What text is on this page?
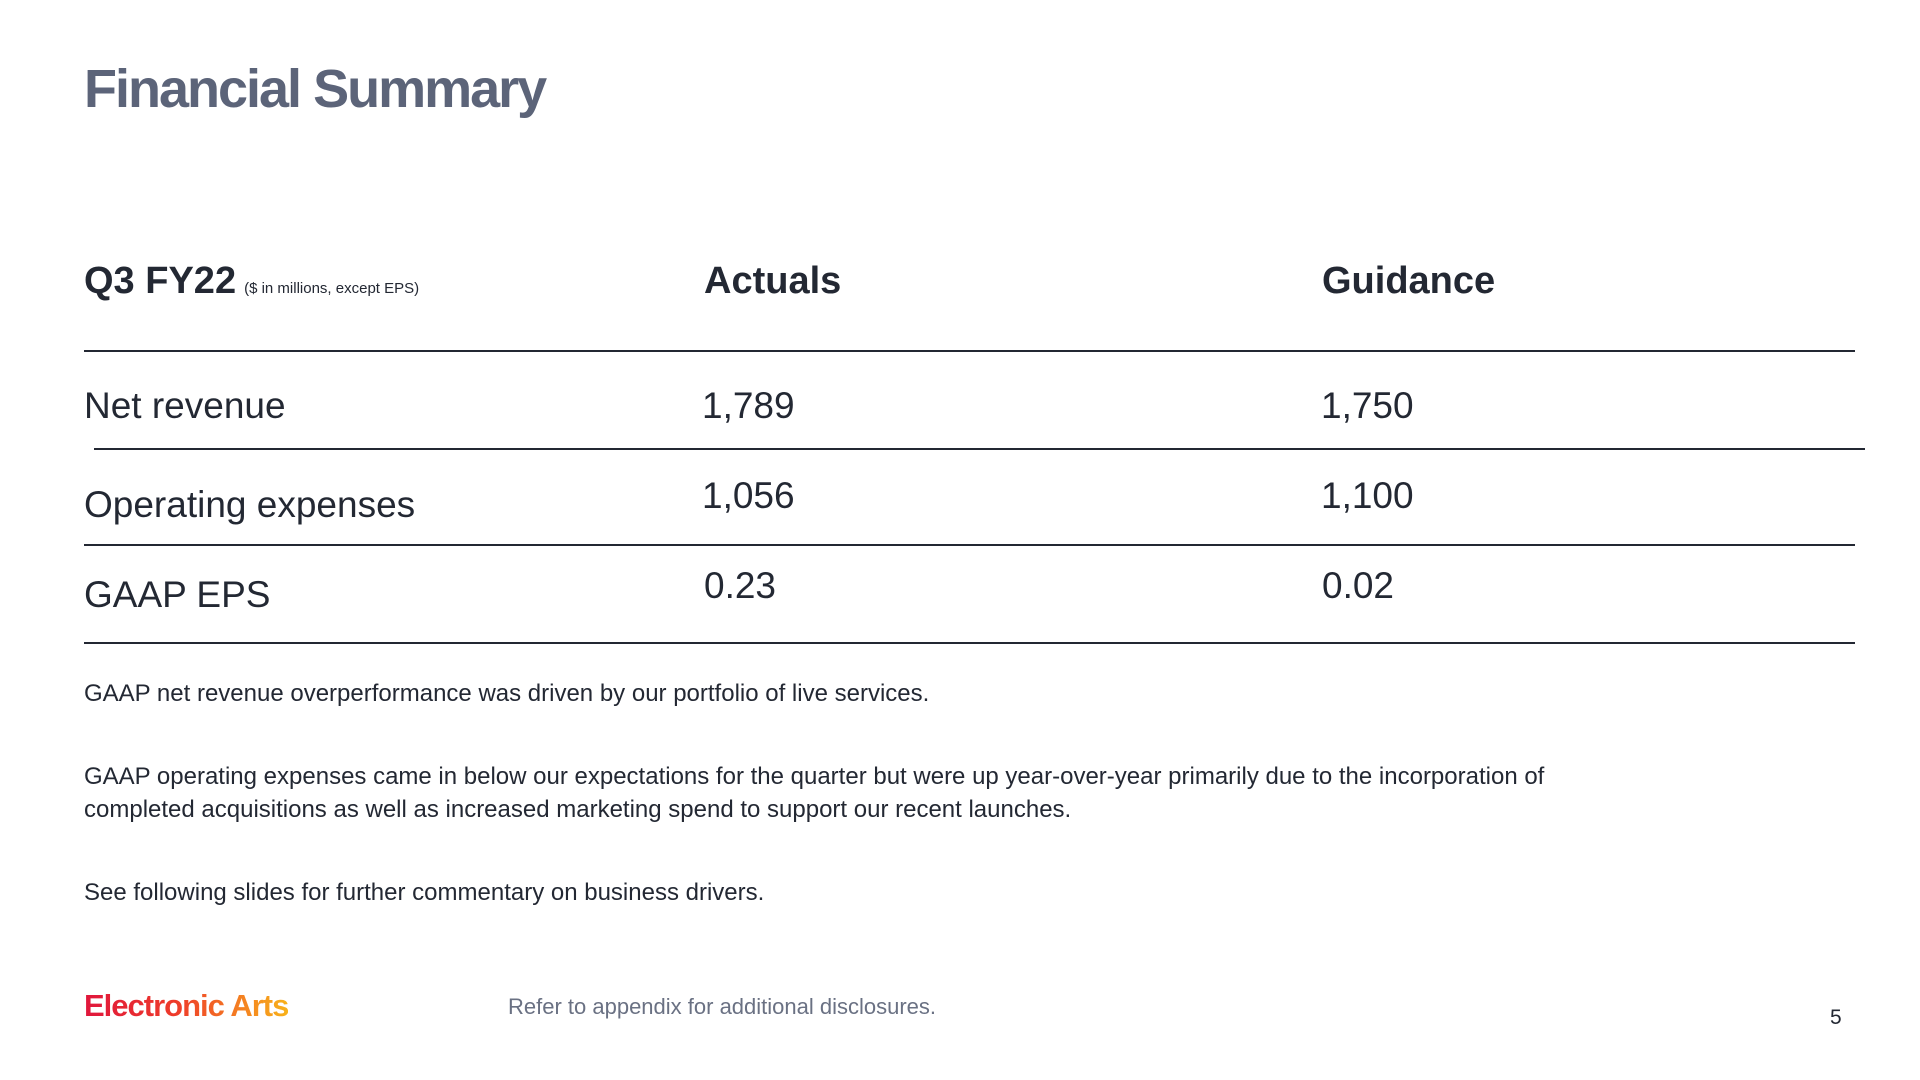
Financial Summary
Q3 FY22 ($ in millions, except EPS)	Actuals	Guidance
Net revenue	1,789	1,750
Operating expenses	1,056	1,100
GAAP EPS	0.23	0.02
GAAP net revenue overperformance was driven by our portfolio of live services.
GAAP operating expenses came in below our expectations for the quarter but were up year-over-year primarily due to the incorporation of completed acquisitions as well as increased marketing spend to support our recent launches.
See following slides for further commentary on business drivers.
Electronic Arts	Refer to appendix for additional disclosures.	5
